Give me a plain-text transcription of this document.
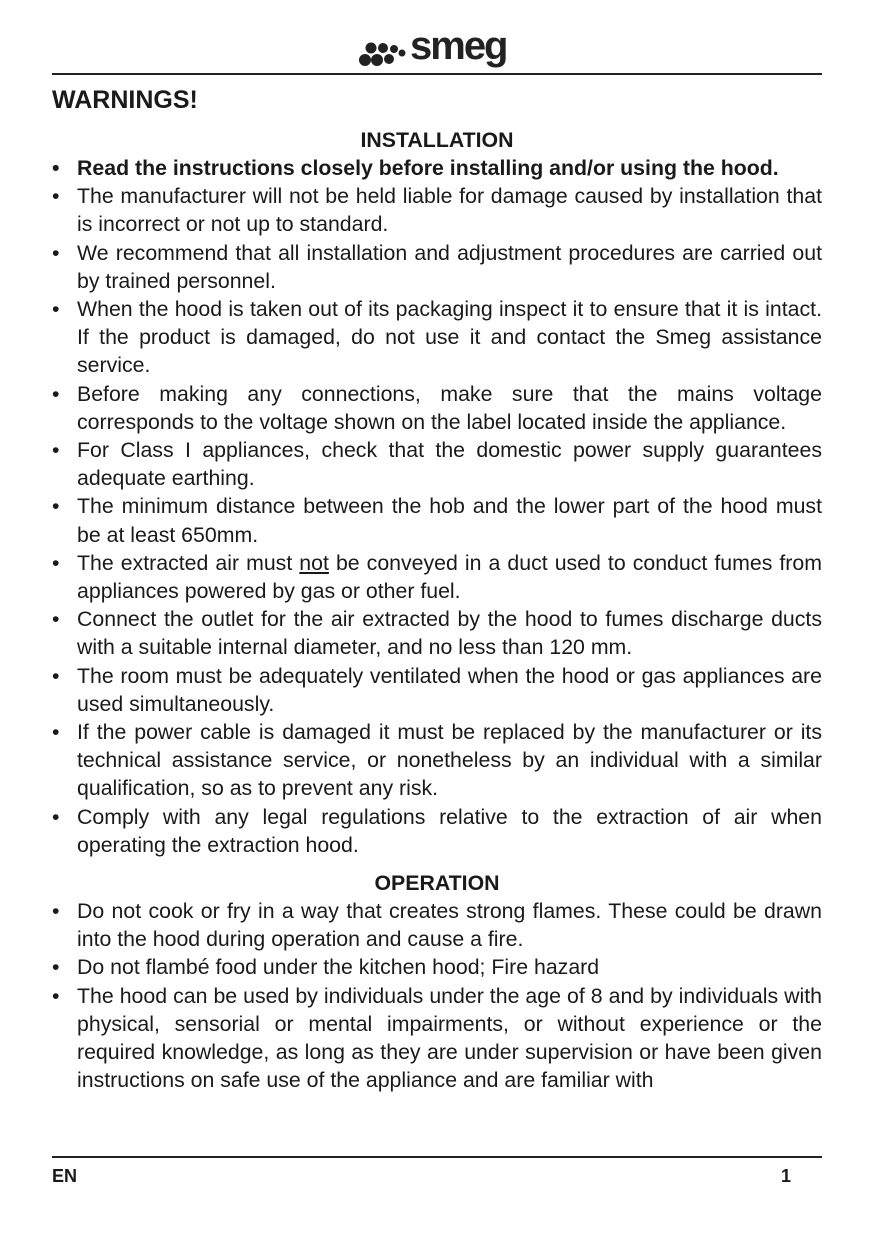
smeg
WARNINGS!
INSTALLATION
• Read the instructions closely before installing and/or using the hood.
• The manufacturer will not be held liable for damage caused by installation that is incorrect or not up to standard.
• We recommend that all installation and adjustment procedures are carried out by trained personnel.
• When the hood is taken out of its packaging inspect it to ensure that it is intact. If the product is damaged, do not use it and contact the Smeg assistance service.
• Before making any connections, make sure that the mains voltage corresponds to the voltage shown on the label located inside the appliance.
• For Class I appliances, check that the domestic power supply guarantees adequate earthing.
• The minimum distance between the hob and the lower part of the hood must be at least 650mm.
• The extracted air must not be conveyed in a duct used to conduct fumes from appliances powered by gas or other fuel.
• Connect the outlet for the air extracted by the hood to fumes discharge ducts with a suitable internal diameter, and no less than 120 mm.
• The room must be adequately ventilated when the hood or gas appliances are used simultaneously.
• If the power cable is damaged it must be replaced by the manufacturer or its technical assistance service, or nonetheless by an individual with a similar qualification, so as to prevent any risk.
• Comply with any legal regulations relative to the extraction of air when operating the extraction hood.
OPERATION
• Do not cook or fry in a way that creates strong flames. These could be drawn into the hood during operation and cause a fire.
• Do not flambé food under the kitchen hood; Fire hazard
• The hood can be used by individuals under the age of 8 and by individuals with physical, sensorial or mental impairments, or without experience or the required knowledge, as long as they are under supervision or have been given instructions on safe use of the appliance and are familiar with
EN	1
